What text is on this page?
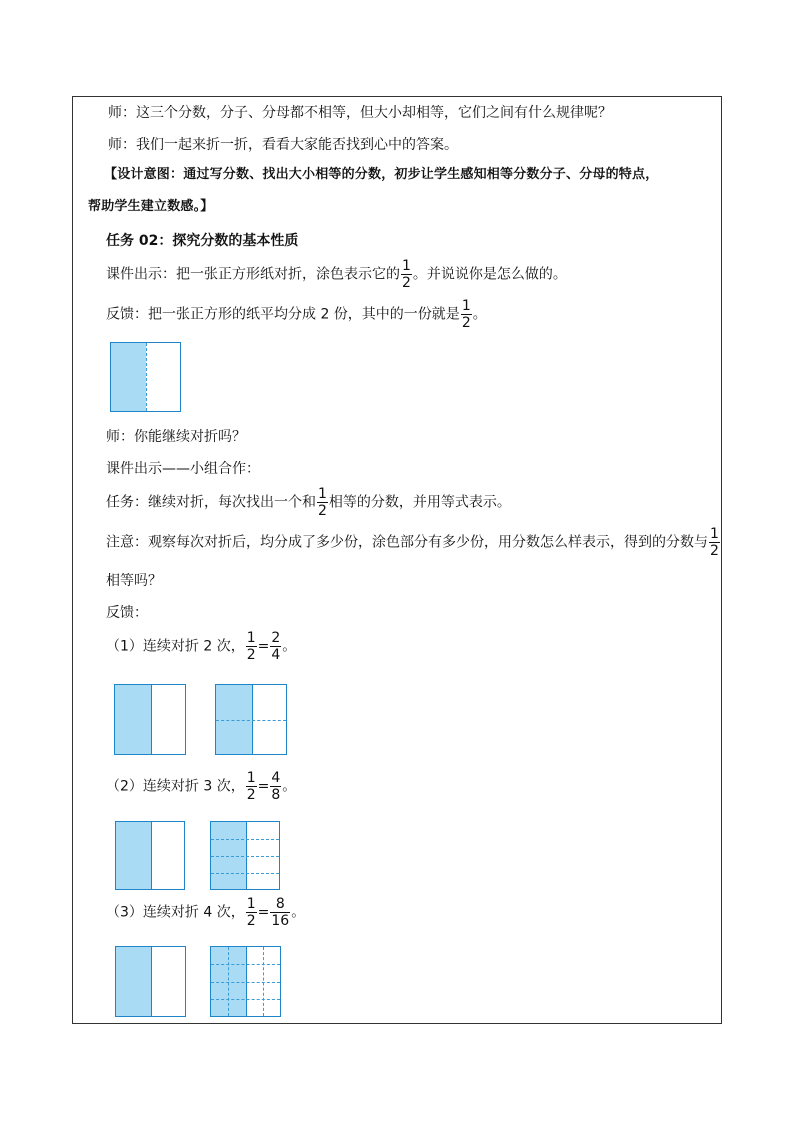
师：这三个分数，分子、分母都不相等，但大小却相等，它们之间有什么规律呢？
师：我们一起来折一折，看看大家能否找到心中的答案。
【设计意图：通过写分数、找出大小相等的分数，初步让学生感知相等分数分子、分母的特点，
帮助学生建立数感。】
任务 02：探究分数的基本性质
课件出示：把一张正方形纸对折，涂色表示它的 $\frac{1}{2}$ 。并说说你是怎么做的。
反馈：把一张正方形的纸平均分成 2 份，其中的一份就是 $\frac{1}{2}$ 。
师：你能继续对折吗？
课件出示——小组合作：
任务：继续对折，每次找出一个和 $\frac{1}{2}$ 相等的分数，并用等式表示。
注意：观察每次对折后，均分成了多少份，涂色部分有多少份，用分数怎么样表示，得到的分数与 $\frac{1}{2}$
相等吗？
反馈：
（1）连续对折 2 次， $\frac{1}{2} = \frac{2}{4}$ 。
（2）连续对折 3 次， $\frac{1}{2} = \frac{4}{8}$ 。
（3）连续对折 4 次， $\frac{1}{2} = \frac{8}{16}$ 。
